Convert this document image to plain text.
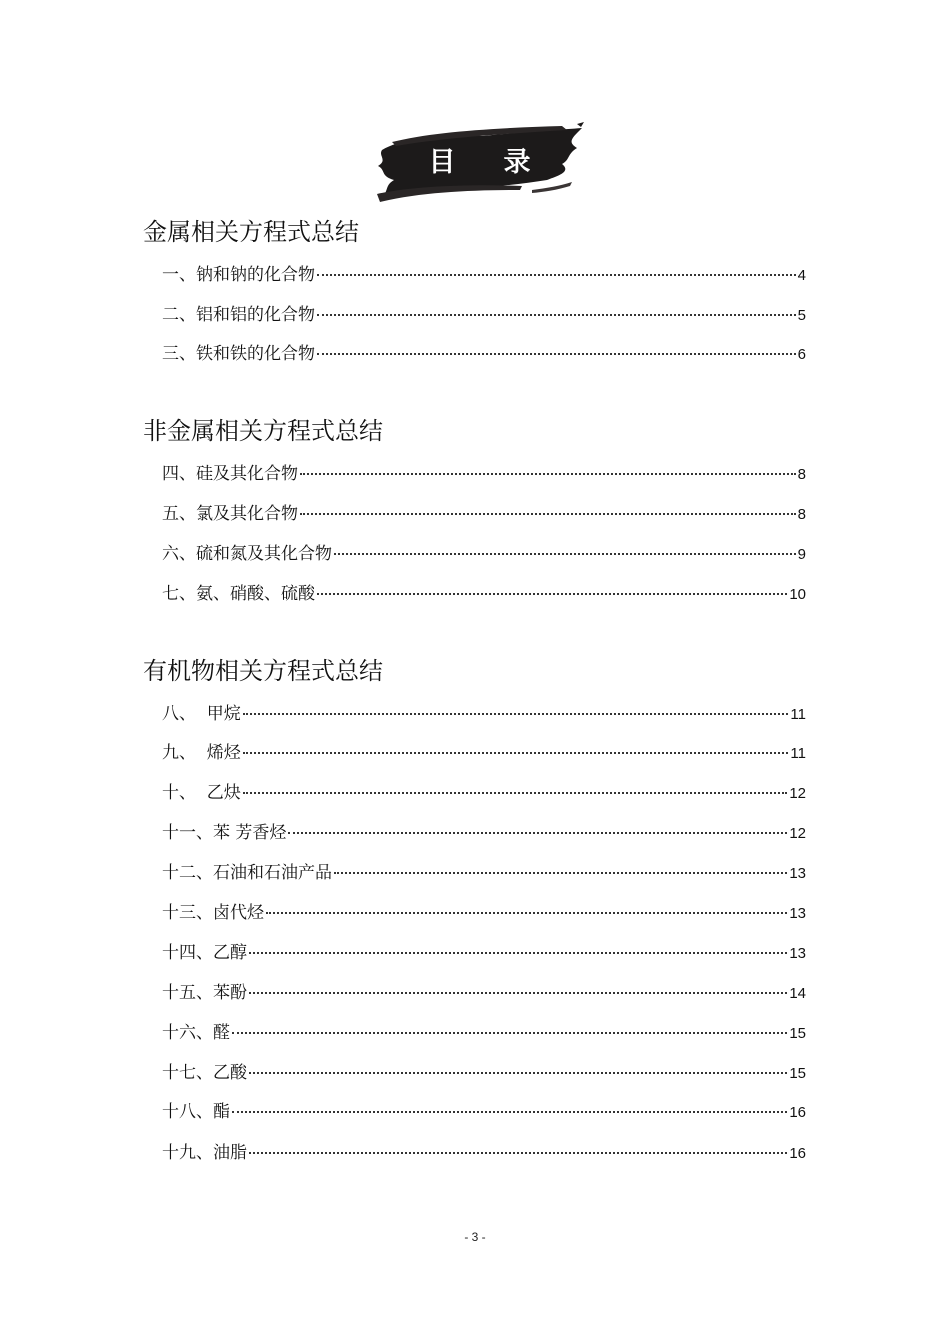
目 录
金属相关方程式总结
一、钠和钠的化合物	4
二、铝和铝的化合物	5
三、铁和铁的化合物	6
非金属相关方程式总结
四、硅及其化合物	8
五、氯及其化合物	8
六、硫和氮及其化合物	9
七、氨、硝酸、硫酸	10
有机物相关方程式总结
八、  甲烷	11
九、  烯烃	11
十、  乙炔	12
十一、苯 芳香烃	12
十二、石油和石油产品	13
十三、卤代烃	13
十四、乙醇	13
十五、苯酚	14
十六、醛	15
十七、乙酸	15
十八、酯	16
十九、油脂	16
- 3 -
